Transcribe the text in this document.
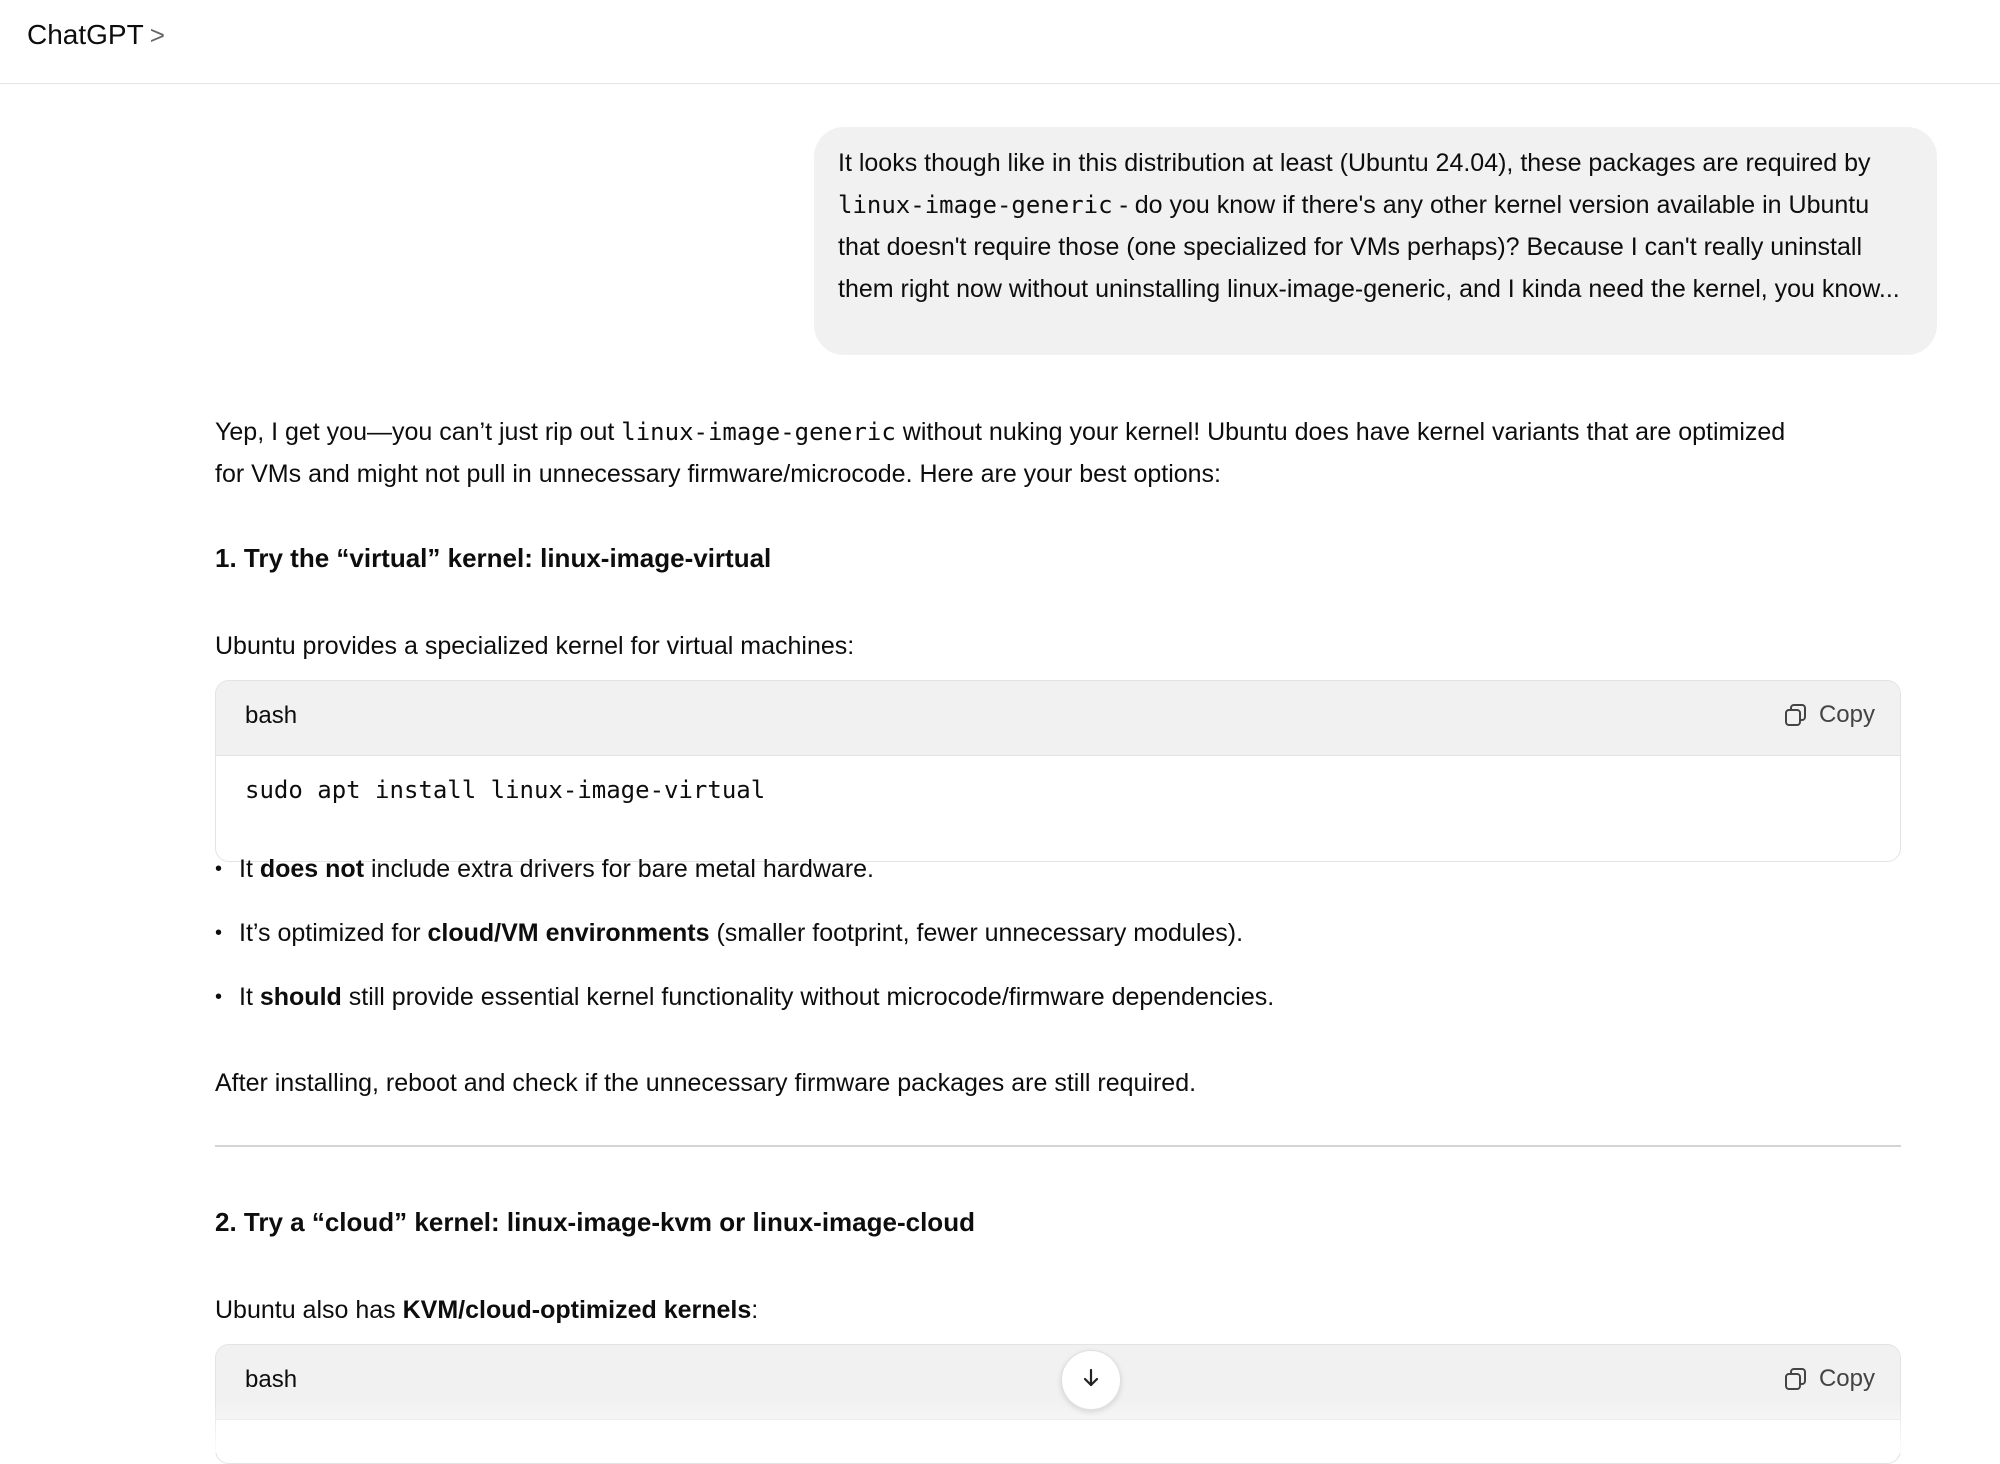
ChatGPT >
It looks though like in this distribution at least (Ubuntu 24.04), these packages are required by linux-image-generic - do you know if there's any other kernel version available in Ubuntu that doesn't require those (one specialized for VMs perhaps)? Because I can't really uninstall them right now without uninstalling linux-image-generic, and I kinda need the kernel, you know...
Yep, I get you—you can’t just rip out linux-image-generic without nuking your kernel! Ubuntu does have kernel variants that are optimized
for VMs and might not pull in unnecessary firmware/microcode. Here are your best options:
1. Try the “virtual” kernel: linux-image-virtual
Ubuntu provides a specialized kernel for virtual machines:
bash	Copy
sudo apt install linux-image-virtual
• It
does not
include extra drivers for bare metal hardware.
• It’s optimized for
cloud/VM environments
(smaller footprint, fewer unnecessary modules).
• It
should
still provide essential kernel functionality without microcode/firmware dependencies.
After installing, reboot and check if the unnecessary firmware packages are still required.
2. Try a “cloud” kernel: linux-image-kvm or linux-image-cloud
Ubuntu also has KVM/cloud-optimized kernels:
bash	Copy
